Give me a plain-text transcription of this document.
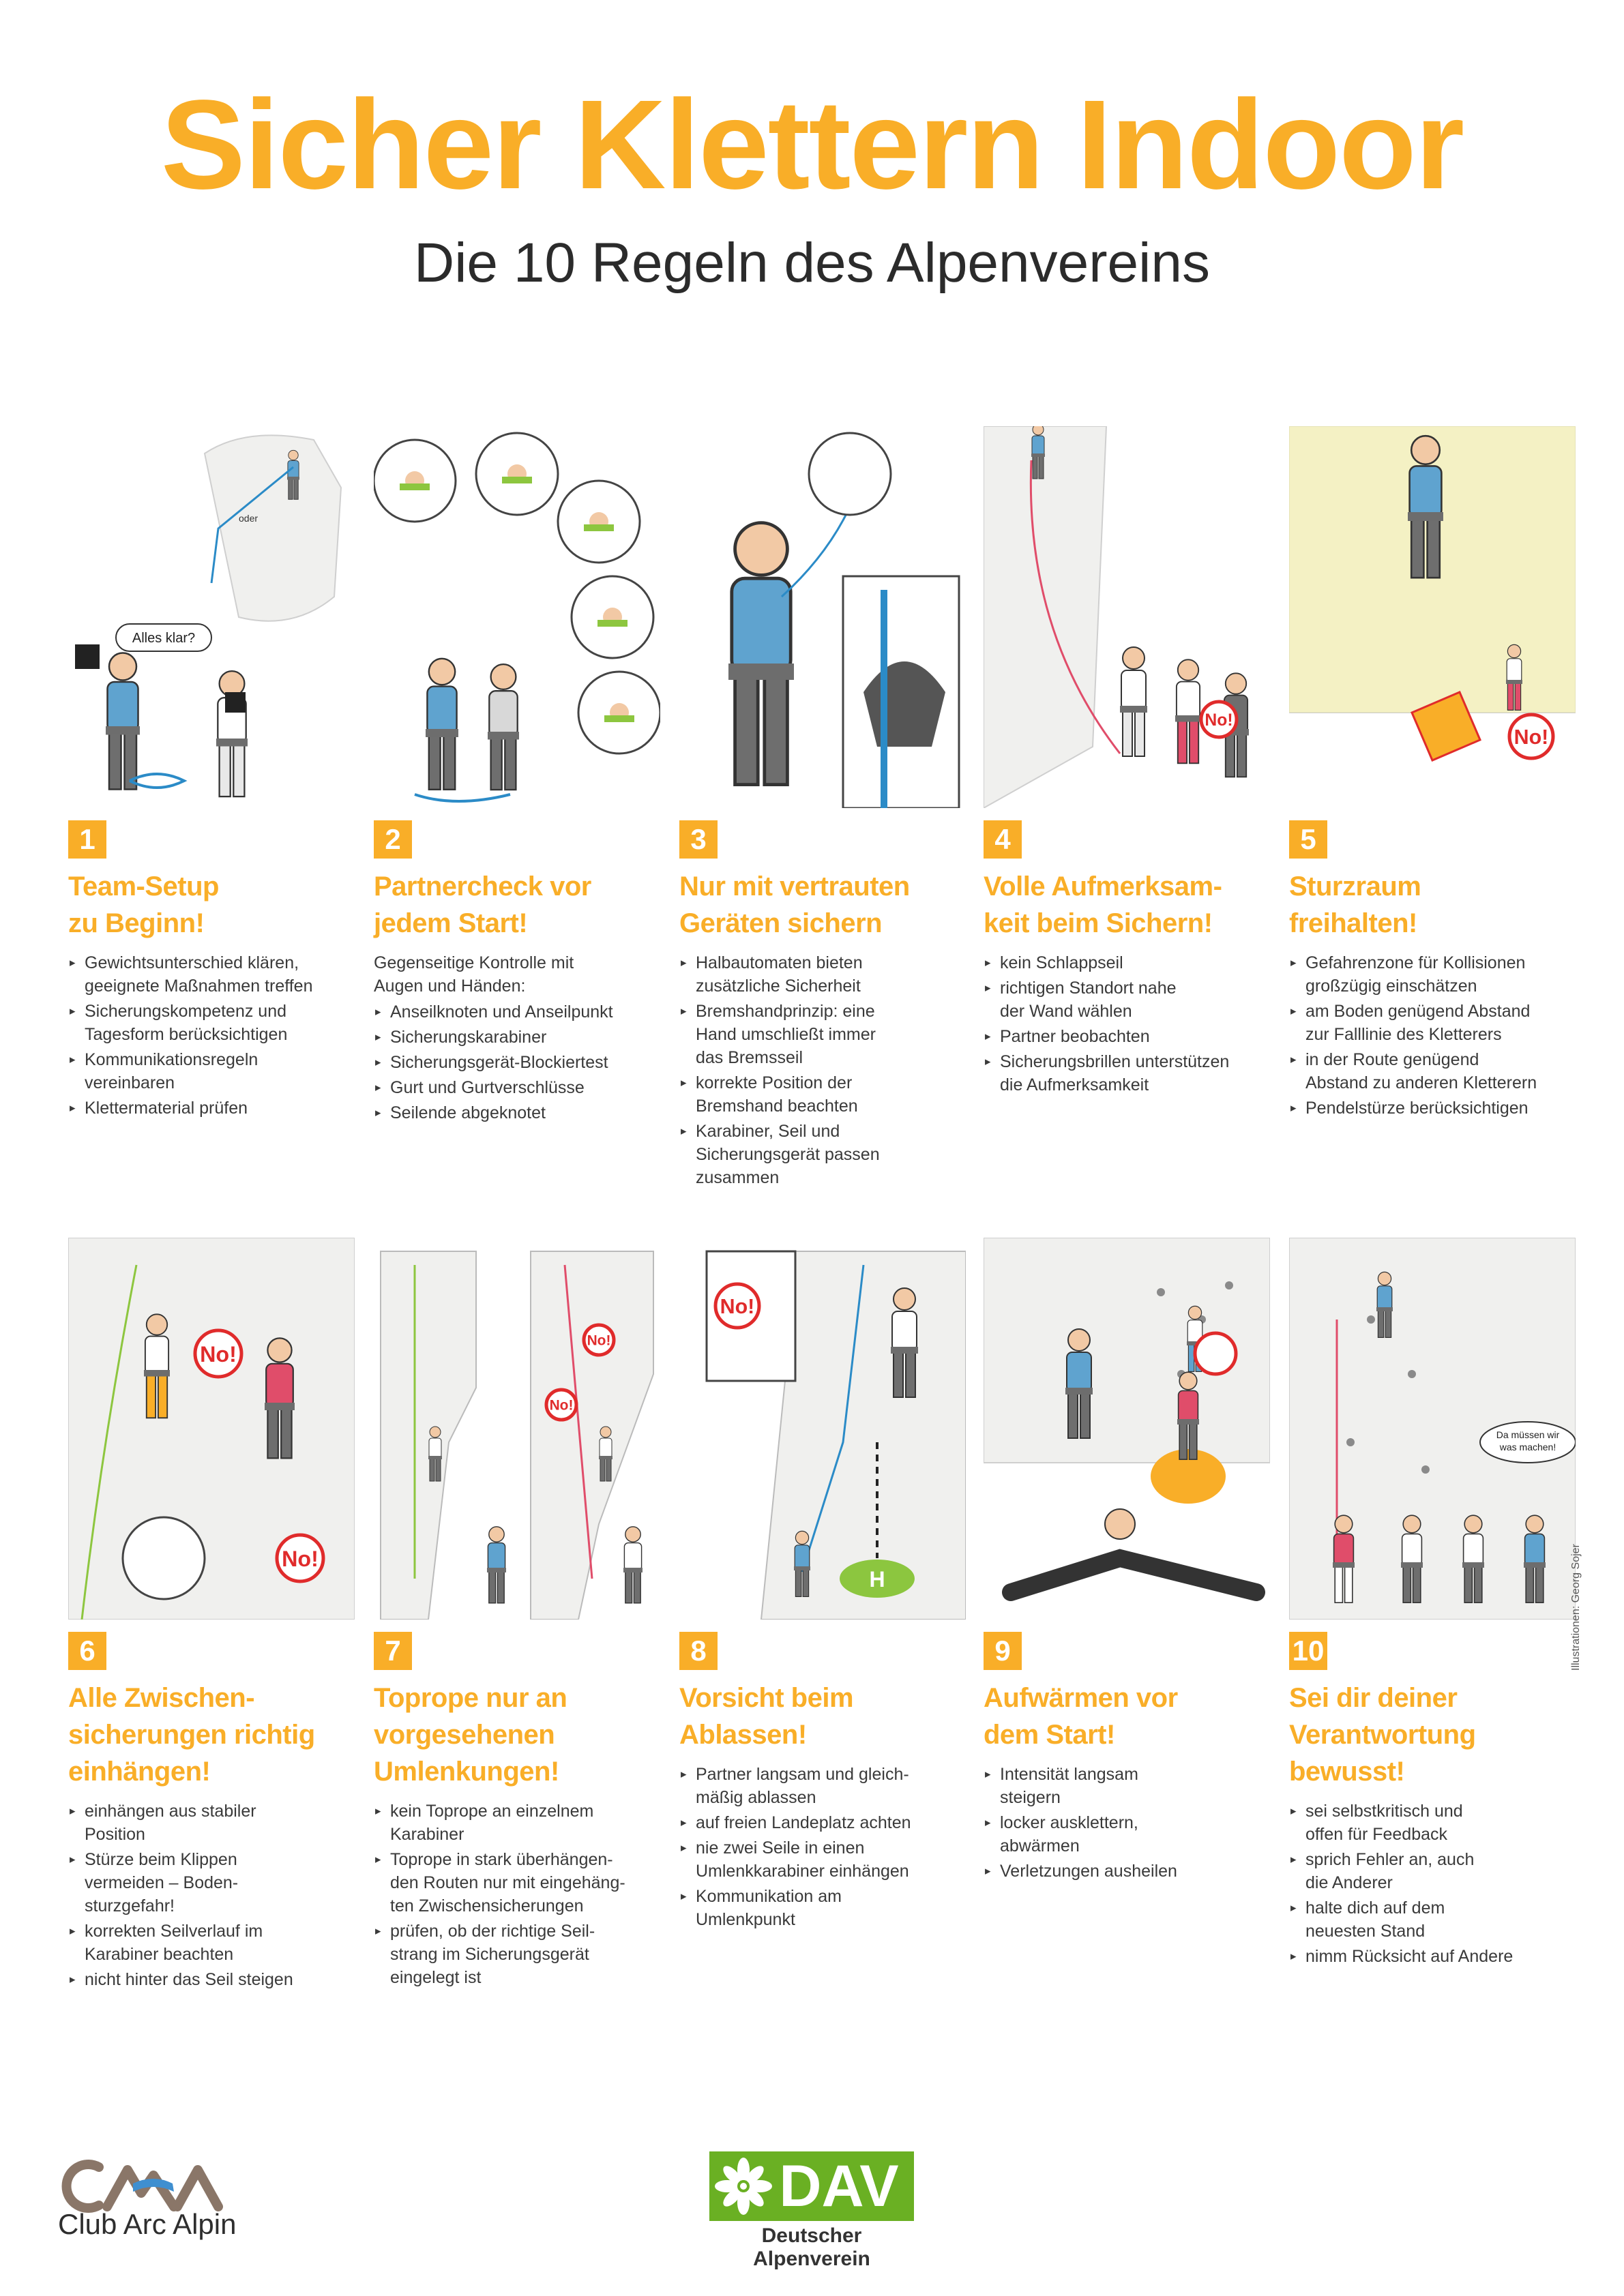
Sicher Klettern Indoor
Die 10 Regeln des Alpenvereins
Alles klar?
oder
1
Team-Setup
zu Beginn!
▸ Gewichtsunterschied klären,
geeignete Maßnahmen treffen
▸ Sicherungskompetenz und
Tagesform berücksichtigen
▸ Kommunikationsregeln
vereinbaren
▸ Klettermaterial prüfen
2
Partnercheck vor
jedem Start!
Gegenseitige Kontrolle mit
Augen und Händen:
▸ Anseilknoten und Anseilpunkt
▸ Sicherungskarabiner
▸ Sicherungsgerät-Blockiertest
▸ Gurt und Gurtverschlüsse
▸ Seilende abgeknotet
3
Nur mit vertrauten
Geräten sichern
▸ Halbautomaten bieten
zusätzliche Sicherheit
▸ Bremshandprinzip: eine
Hand umschließt immer
das Bremsseil
▸ korrekte Position der
Bremshand beachten
▸ Karabiner, Seil und
Sicherungsgerät passen
zusammen
No!
4
Volle Aufmerksam-
keit beim Sichern!
▸ kein Schlappseil
▸ richtigen Standort nahe
der Wand wählen
▸ Partner beobachten
▸ Sicherungsbrillen unterstützen
die Aufmerksamkeit
No!
5
Sturzraum
freihalten!
▸ Gefahrenzone für Kollisionen
großzügig einschätzen
▸ am Boden genügend Abstand
zur Falllinie des Kletterers
▸ in der Route genügend
Abstand zu anderen Kletterern
▸ Pendelstürze berücksichtigen
No!
No!
6
Alle Zwischen-
sicherungen richtig
einhängen!
▸ einhängen aus stabiler
Position
▸ Stürze beim Klippen
vermeiden – Boden-
sturzgefahr!
▸ korrekten Seilverlauf im
Karabiner beachten
▸ nicht hinter das Seil steigen
No!
No!
7
Toprope nur an
vorgesehenen
Umlenkungen!
▸ kein Toprope an einzelnem
Karabiner
▸ Toprope in stark überhängen-
den Routen nur mit eingehäng-
ten Zwischensicherungen
▸ prüfen, ob der richtige Seil-
strang im Sicherungsgerät
eingelegt ist
No!
H
8
Vorsicht beim
Ablassen!
▸ Partner langsam und gleich-
mäßig ablassen
▸ auf freien Landeplatz achten
▸ nie zwei Seile in einen
Umlenkkarabiner einhängen
▸ Kommunikation am
Umlenkpunkt
9
Aufwärmen vor
dem Start!
▸ Intensität langsam
steigern
▸ locker ausklettern,
abwärmen
▸ Verletzungen ausheilen
Da müssen wir
was machen!
10
Sei dir deiner
Verantwortung
bewusst!
▸ sei selbstkritisch und
offen für Feedback
▸ sprich Fehler an, auch
die Anderer
▸ halte dich auf dem
neuesten Stand
▸ nimm Rücksicht auf Andere
Illustrationen: Georg Sojer
Club Arc Alpin
DAV
Deutscher Alpenverein
